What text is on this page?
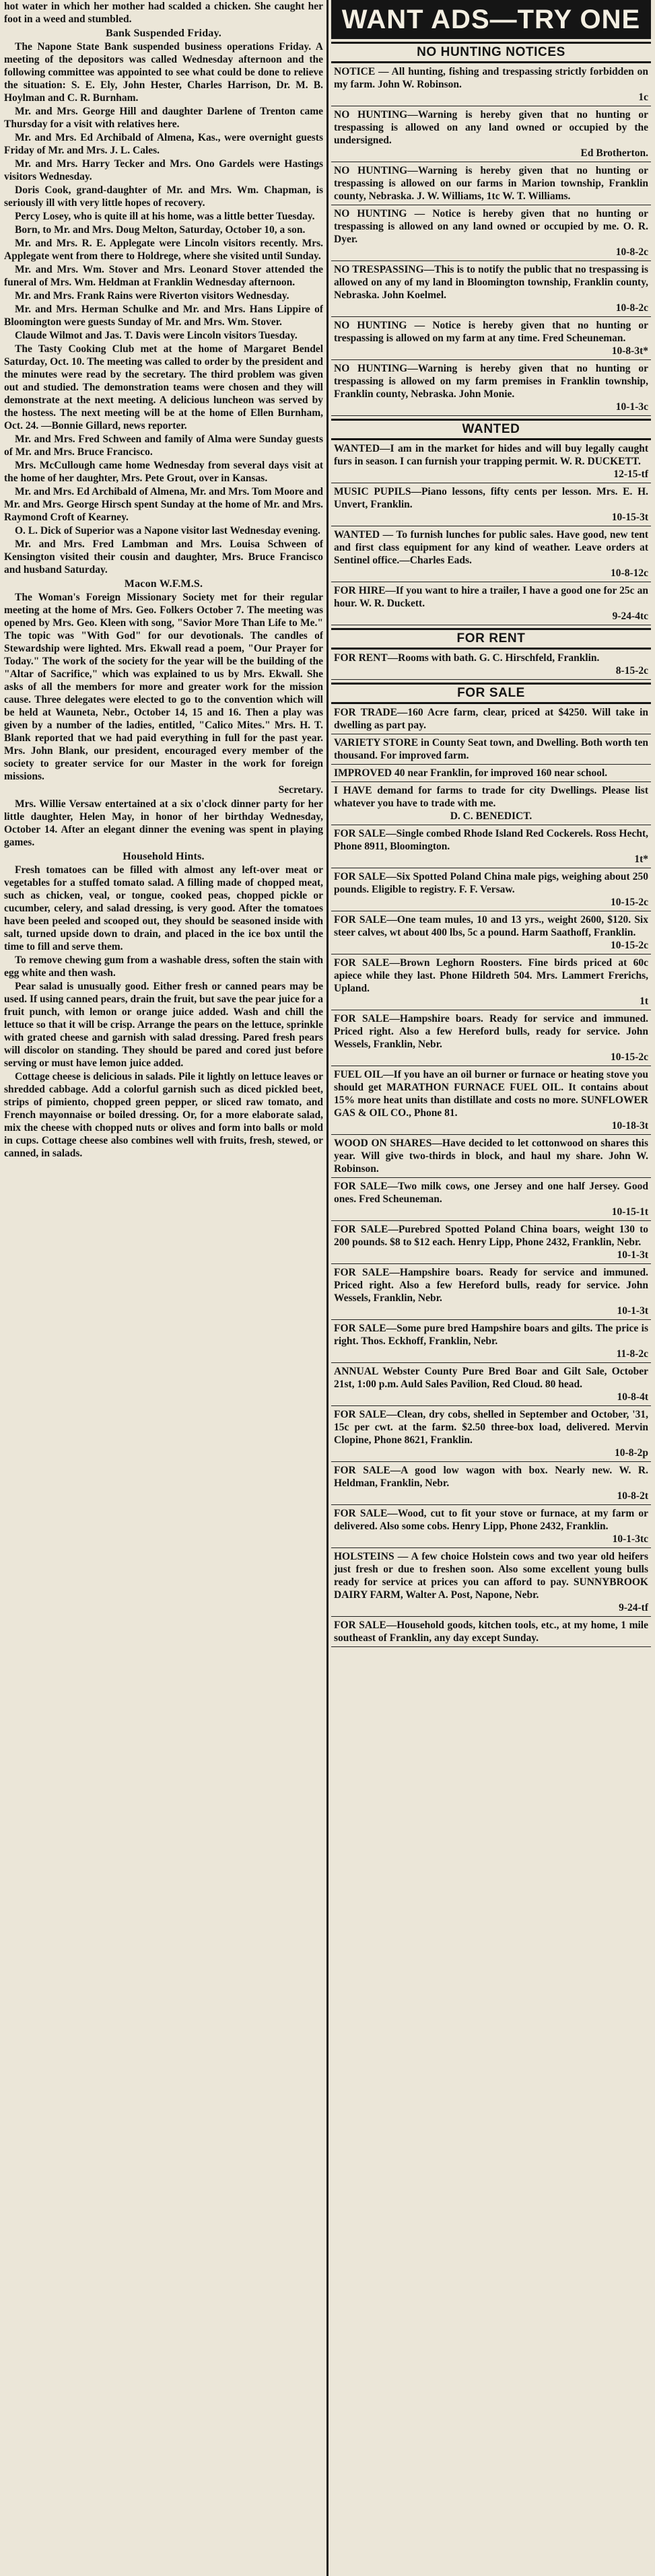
hot water in which her mother had scalded a chicken. She caught her foot in a weed and stumbled.

Bank Suspended Friday.

The Napone State Bank suspended business operations Friday. A meeting of the depositors was called Wednesday afternoon and the following committee was appointed to see what could be done to relieve the situation: S. E. Ely, John Hester, Charles Harrison, Dr. M. B. Hoylman and C. R. Burnham.

Mr. and Mrs. George Hill and daughter Darlene of Trenton came Thursday for a visit with relatives here.

Mr. and Mrs. Ed Archibald of Almena, Kas., were overnight guests Friday of Mr. and Mrs. J. L. Cales.

Mr. and Mrs. Harry Tecker and Mrs. Ono Gardels were Hastings visitors Wednesday.

Doris Cook, grand-daughter of Mr. and Mrs. Wm. Chapman, is seriously ill with very little hopes of recovery.

Percy Losey, who is quite ill at his home, was a little better Tuesday.

Born, to Mr. and Mrs. Doug Melton, Saturday, October 10, a son.

Mr. and Mrs. R. E. Applegate were Lincoln visitors recently. Mrs. Applegate went from there to Holdrege, where she visited until Sunday.

Mr. and Mrs. Wm. Stover and Mrs. Leonard Stover attended the funeral of Mrs. Wm. Heldman at Franklin Wednesday afternoon.

Mr. and Mrs. Frank Rains were Riverton visitors Wednesday.

Mr. and Mrs. Herman Schulke and Mr. and Mrs. Hans Lippire of Bloomington were guests Sunday of Mr. and Mrs. Wm. Stover.

Claude Wilmot and Jas. T. Davis were Lincoln visitors Tuesday.

The Tasty Cooking Club met at the home of Margaret Bendel Saturday, Oct. 10. The meeting was called to order by the president and the minutes were read by the secretary. The third problem was given out and studied. The demonstration teams were chosen and they will demonstrate at the next meeting. A delicious luncheon was served by the hostess. The next meeting will be at the home of Ellen Burnham, Oct. 24. —Bonnie Gillard, news reporter.

Mr. and Mrs. Fred Schween and family of Alma were Sunday guests of Mr. and Mrs. Bruce Francisco.

Mrs. McCullough came home Wednesday from several days visit at the home of her daughter, Mrs. Pete Grout, over in Kansas.

Mr. and Mrs. Ed Archibald of Almena, Mr. and Mrs. Tom Moore and Mr. and Mrs. George Hirsch spent Sunday at the home of Mr. and Mrs. Raymond Croft of Kearney.

O. L. Dick of Superior was a Napone visitor last Wednesday evening.

Mr. and Mrs. Fred Lambman and Mrs. Louisa Schween of Kensington visited their cousin and daughter, Mrs. Bruce Francisco and husband Saturday.

Macon W.F.M.S.

The Woman's Foreign Missionary Society met for their regular meeting at the home of Mrs. Geo. Folkers October 7. The meeting was opened by Mrs. Geo. Kleen with song, "Savior More Than Life to Me." The topic was "With God" for our devotionals. The candles of Stewardship were lighted. Mrs. Ekwall read a poem, "Our Prayer for Today." The work of the society for the year will be the building of the "Altar of Sacrifice," which was explained to us by Mrs. Ekwall. She asks of all the members for more and greater work for the mission cause. Three delegates were elected to go to the convention which will be held at Wauneta, Nebr., October 14, 15 and 16. Then a play was given by a number of the ladies, entitled, "Calico Mites." Mrs. H. T. Blank reported that we had paid everything in full for the past year. Mrs. John Blank, our president, encouraged every member of the society to greater service for our Master in the work for foreign missions.

Secretary.

Mrs. Willie Versaw entertained at a six o'clock dinner party for her little daughter, Helen May, in honor of her birthday Wednesday, October 14. After an elegant dinner the evening was spent in playing games.

Household Hints.

Fresh tomatoes can be filled with almost any left-over meat or vegetables for a stuffed tomato salad. A filling made of chopped meat, such as chicken, veal, or tongue, cooked peas, chopped pickle or cucumber, celery, and salad dressing, is very good. After the tomatoes have been peeled and scooped out, they should be seasoned inside with salt, turned upside down to drain, and placed in the ice box until the time to fill and serve them.

To remove chewing gum from a washable dress, soften the stain with egg white and then wash.

Pear salad is unusually good. Either fresh or canned pears may be used. If using canned pears, drain the fruit, but save the pear juice for a fruit punch, with lemon or orange juice added. Wash and chill the lettuce so that it will be crisp. Arrange the pears on the lettuce, sprinkle with grated cheese and garnish with salad dressing. Pared fresh pears will discolor on standing. They should be pared and cored just before serving or must have lemon juice added.

Cottage cheese is delicious in salads. Pile it lightly on lettuce leaves or shredded cabbage. Add a colorful garnish such as diced pickled beet, strips of pimiento, chopped green pepper, or sliced raw tomato, and French mayonnaise or boiled dressing. Or, for a more elaborate salad, mix the cheese with chopped nuts or olives and form into balls or mold in cups. Cottage cheese also combines well with fruits, fresh, stewed, or canned, in salads.

WANT ADS—TRY ONE
NO HUNTING NOTICES
NOTICE — All hunting, fishing and trespassing strictly forbidden on my farm. John W. Robinson.
1c
NO HUNTING—Warning is hereby given that no hunting or trespassing is allowed on any land owned or occupied by the undersigned.
Ed Brotherton.
NO HUNTING—Warning is hereby given that no hunting or trespassing is allowed on our farms in Marion township, Franklin county, Nebraska. J. W. Williams, 1tc W. T. Williams.
NO HUNTING — Notice is hereby given that no hunting or trespassing is allowed on any land owned or occupied by me. O. R. Dyer.
10-8-2c
NO TRESPASSING—This is to notify the public that no trespassing is allowed on any of my land in Bloomington township, Franklin county, Nebraska. John Koelmel.
10-8-2c
NO HUNTING — Notice is hereby given that no hunting or trespassing is allowed on my farm at any time. Fred Scheuneman.
10-8-3t*
NO HUNTING—Warning is hereby given that no hunting or trespassing is allowed on my farm premises in Franklin township, Franklin county, Nebraska. John Monie.
10-1-3c
WANTED
WANTED—I am in the market for hides and will buy legally caught furs in season. I can furnish your trapping permit. W. R. DUCKETT.
12-15-tf
MUSIC PUPILS—Piano lessons, fifty cents per lesson. Mrs. E. H. Unvert, Franklin.
10-15-3t
WANTED — To furnish lunches for public sales. Have good, new tent and first class equipment for any kind of weather. Leave orders at Sentinel office.—Charles Eads.
10-8-12c
FOR HIRE—If you want to hire a trailer, I have a good one for 25c an hour. W. R. Duckett.
9-24-4tc
FOR RENT
FOR RENT—Rooms with bath. G. C. Hirschfeld, Franklin.
8-15-2c
FOR SALE
FOR TRADE—160 Acre farm, clear, priced at $4250. Will take in dwelling as part pay.
VARIETY STORE in County Seat town, and Dwelling. Both worth ten thousand. For improved farm.
IMPROVED 40 near Franklin, for improved 160 near school.
I HAVE demand for farms to trade for city Dwellings. Please list whatever you have to trade with me.
D. C. BENEDICT.
FOR SALE—Single combed Rhode Island Red Cockerels. Ross Hecht, Phone 8911, Bloomington.
1t*
FOR SALE—Six Spotted Poland China male pigs, weighing about 250 pounds. Eligible to registry. F. F. Versaw.
10-15-2c
FOR SALE—One team mules, 10 and 13 yrs., weight 2600, $120. Six steer calves, wt about 400 lbs, 5c a pound. Harm Saathoff, Franklin.
10-15-2c
FOR SALE—Brown Leghorn Roosters. Fine birds priced at 60c apiece while they last. Phone Hildreth 504. Mrs. Lammert Frerichs, Upland.
1t
FOR SALE—Hampshire boars. Ready for service and immuned. Priced right. Also a few Hereford bulls, ready for service. John Wessels, Franklin, Nebr.
10-15-2c
FUEL OIL—If you have an oil burner or furnace or heating stove you should get MARATHON FURNACE FUEL OIL. It contains about 15% more heat units than distillate and costs no more. SUNFLOWER GAS & OIL CO., Phone 81.
10-18-3t
WOOD ON SHARES—Have decided to let cottonwood on shares this year. Will give two-thirds in block, and haul my share. John W. Robinson.
FOR SALE—Two milk cows, one Jersey and one half Jersey. Good ones. Fred Scheuneman.
10-15-1t
FOR SALE—Purebred Spotted Poland China boars, weight 130 to 200 pounds. $8 to $12 each. Henry Lipp, Phone 2432, Franklin, Nebr.
10-1-3t
FOR SALE—Hampshire boars. Ready for service and immuned. Priced right. Also a few Hereford bulls, ready for service. John Wessels, Franklin, Nebr.
10-1-3t
FOR SALE—Some pure bred Hampshire boars and gilts. The price is right. Thos. Eckhoff, Franklin, Nebr.
11-8-2c
ANNUAL Webster County Pure Bred Boar and Gilt Sale, October 21st, 1:00 p.m. Auld Sales Pavilion, Red Cloud. 80 head.
10-8-4t
FOR SALE—Clean, dry cobs, shelled in September and October, '31, 15c per cwt. at the farm. $2.50 three-box load, delivered. Mervin Clopine, Phone 8621, Franklin.
10-8-2p
FOR SALE—A good low wagon with box. Nearly new. W. R. Heldman, Franklin, Nebr.
10-8-2t
FOR SALE—Wood, cut to fit your stove or furnace, at my farm or delivered. Also some cobs. Henry Lipp, Phone 2432, Franklin.
10-1-3tc
HOLSTEINS — A few choice Holstein cows and two year old heifers just fresh or due to freshen soon. Also some excellent young bulls ready for service at prices you can afford to pay. SUNNYBROOK DAIRY FARM, Walter A. Post, Napone, Nebr.
9-24-tf
FOR SALE—Household goods, kitchen tools, etc., at my home, 1 mile southeast of Franklin, any day except Sunday.
